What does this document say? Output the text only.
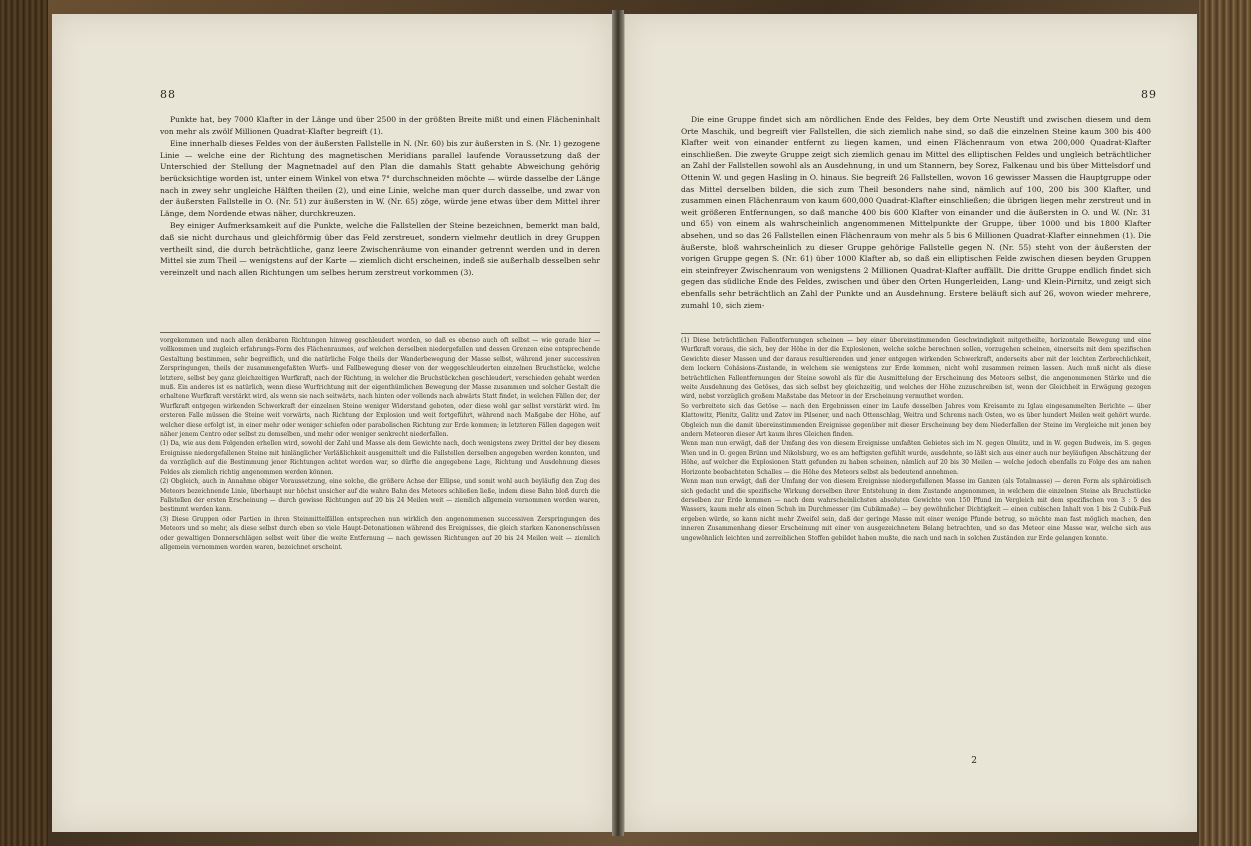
88

Punkte hat, bey 7000 Klafter in der Länge und über 2500 in der größten Breite mißt und einen Flächeninhalt von mehr als zwölf Millionen Quadrat-Klafter begreift (1).

Eine innerhalb dieses Feldes von der äußersten Fallstelle in N. (Nr. 60) bis zur äußersten in S. (Nr. 1) gezogene Linie — welche eine der Richtung des magnetischen Meridians parallel laufende Voraussetzung daß der Unterschied der Stellung der Magnetnadel auf den Plan die damahls Statt gehabte Abweichung gehörig berücksichtige worden ist, unter einem Winkel von etwa 7° durchschneiden möchte — würde dasselbe der Länge nach in zwey sehr ungleiche Hälften theilen (2), und eine Linie, welche man quer durch dasselbe, und zwar von der äußersten Fallstelle in O. (Nr. 51) zur äußersten in W. (Nr. 65) zöge, würde jene etwas über dem Mittel ihrer Länge, dem Nordende etwas näher, durchkreuzen.

Bey einiger Aufmerksamkeit auf die Punkte, welche die Fallstellen der Steine bezeichnen, bemerkt man bald, daß sie nicht durchaus und gleichförmig über das Feld zerstreuet, sondern vielmehr deutlich in drey Gruppen vertheilt sind, die durch beträchtliche, ganz leere Zwischenräume von einander getrennt werden und in deren Mittel sie zum Theil — wenigstens auf der Karte — ziemlich dicht erscheinen, indeß sie außerhalb desselben sehr vereinzelt und nach allen Richtungen um selbes herum zerstreut vorkommen (3).

vorgekommen und nach allen denkbaren Richtungen hinweg geschleudert worden, so daß es ebenso auch oft selbst — wie gerade hier — vollkommen und zugleich erfahrungs-Form des Flächenraumes, auf welchen derselben niedergefallen und dessen Grenzen eine entsprechende Gestaltung bestimmen, sehr begreiflich, und die natürliche Folge theils der Wanderbewegung der Masse selbst, während jener successiven Zerspringungen, theils der zusammengefaßten Wurfs- und Fallbewegung dieser von der weggeschleuderten einzelnen Bruchstücke, welche letztere, selbst bey ganz gleichzeitigen Wurfkraft, nach der Richtung, in welcher die Bruchstückchen geschleudert, verschieden gehabt werden muß. Ein anderes ist es natürlich, wenn diese Wurfrichtung mit der eigenthümlichen Bewegung der Masse zusammen und solcher Gestalt die erhaltene Wurfkraft verstärkt wird, als wenn sie nach seitwärts, nach hinten oder vollends nach abwärts Statt findet, in welchen Fällen der, der Wurfkraft entgegen wirkenden Schwerkraft der einzelnen Steine weniger Widerstand geboten, oder diese wohl gar selbst verstärkt wird. Im ersteren Falle müssen die Steine weit vorwärts, nach Richtung der Explosion und weit fortgeführt, während nach Maßgabe der Höhe, auf welcher diese erfolgt ist, in einer mehr oder weniger schiefen oder parabolischen Richtung zur Erde kommen; in letzteren Fällen dagegen weit näher jenem Centro oder selbst zu demselben, und mehr oder weniger senkrecht niederfallen.

(1) Da, wie aus dem Folgenden erhellen wird, sowohl der Zahl und Masse als dem Gewichte nach, doch wenigstens zwey Drittel der bey diesem Ereignisse niedergefallenen Steine mit hinlänglicher Verläßlichkeit ausgemittelt und die Fallstellen derselben angegeben werden konnten, und da vorzüglich auf die Bestimmung jener Richtungen achtet worden war, so dürfte die angegebene Lage, Richtung und Ausdehnung dieses Feldes als ziemlich richtig angenommen werden können.

(2) Obgleich, auch in Annahme obiger Voraussetzung, eine solche, die größere Achse der Ellipse, und somit wohl auch beyläufig den Zug des Meteors bezeichnende Linie, überhaupt nur höchst unsicher auf die wahre Bahn des Meteors schließen ließe, indem diese Bahn bloß durch die Fallstellen der ersten Erscheinung — durch gewisse Richtungen auf 20 bis 24 Meilen weit — ziemlich allgemein vernommen worden waren, bestimmt werden kann.

(3) Diese Gruppen oder Partien in ihren Steinmittelfällen entsprechen nun wirklich den angenommenen successiven Zerspringungen des Meteors und so mehr, als diese selbst durch eben so viele Haupt-Detonationen während des Ereignisses, die gleich starken Kanonenschüssen oder gewaltigen Donnerschlägen selbst weit über die weite Entfernung — nach gewissen Richtungen auf 20 bis 24 Meilen weit — ziemlich allgemein vernommen worden waren, bezeichnet erscheint.

89

Die eine Gruppe findet sich am nördlichen Ende des Feldes, bey dem Orte Neustift und zwischen diesem und dem Orte Maschik, und begreift vier Fallstellen, die sich ziemlich nahe sind, so daß die einzelnen Steine kaum 300 bis 400 Klafter weit von einander entfernt zu liegen kamen, und einen Flächenraum von etwa 200,000 Quadrat-Klafter einschließen. Die zweyte Gruppe zeigt sich ziemlich genau im Mittel des elliptischen Feldes und ungleich beträchtlicher an Zahl der Fallstellen sowohl als an Ausdehnung, in und um Stannern, bey Sorez, Falkenau und bis über Mittelsdorf und Ottenin W. und gegen Hasling in O. hinaus. Sie begreift 26 Fallstellen, wovon 16 gewisser Massen die Hauptgruppe oder das Mittel derselben bilden, die sich zum Theil besonders nahe sind, nämlich auf 100, 200 bis 300 Klafter, und zusammen einen Flächenraum von kaum 600,000 Quadrat-Klafter einschließen; die übrigen liegen mehr zerstreut und in weit größeren Entfernungen, so daß manche 400 bis 600 Klafter von einander und die äußersten in O. und W. (Nr. 31 und 65) von einem als wahrscheinlich angenommenen Mittelpunkte der Gruppe, über 1000 und bis 1800 Klafter absehen, und so das 26 Fallstellen einen Flächenraum von mehr als 5 bis 6 Millionen Quadrat-Klafter einnehmen (1). Die äußerste, bloß wahrscheinlich zu dieser Gruppe gehörige Fallstelle gegen N. (Nr. 55) steht von der äußersten der vorigen Gruppe gegen S. (Nr. 61) über 1000 Klafter ab, so daß ein elliptischen Felde zwischen diesen beyden Gruppen ein steinfreyer Zwischenraum von wenigstens 2 Millionen Quadrat-Klafter auffällt. Die dritte Gruppe endlich findet sich gegen das südliche Ende des Feldes, zwischen und über den Orten Hungerleiden, Lang- und Klein-Pirnitz, und zeigt sich ebenfalls sehr beträchtlich an Zahl der Punkte und an Ausdehnung. Erstere beläuft sich auf 26, wovon wieder mehrere, zumahl 10, sich ziem-

(1) Diese beträchtlichen Fallentfernungen scheinen — bey einer übereinstimmenden Geschwindigkeit mitgetheilte, horizontale Bewegung und eine Wurfkraft voraus, die sich, bey der Höhe in der die Explosionen, welche solche berechnen sollen, vorzugehen scheinen, einerseits mit dem spezifischen Gewichte dieser Massen und der daraus resultierenden und jener entgegen wirkenden Schwerkraft, anderseits aber mit der leichten Zerbrechlichkeit, dem lockern Cohäsions-Zustande, in welchem sie wenigstens zur Erde kommen, nicht wohl zusammen reimen lassen. Auch muß nicht als diese beträchtlichen Fallentfernungen der Steine sowohl als für die Ausmittelung der Erscheinung des Meteors selbst, die angenommenen Stärke und die weite Ausdehnung des Getöses, das sich selbst bey gleichzeitig, und welches der Höhe zuzuschreiben ist, wenn der Gleichheit in Erwägung gezogen wird, nebst vorzüglich großem Maßstabe das Meteor in der Erscheinung vermuthet worden.

So verbreitete sich das Getöse — nach den Ergebnissen einer im Laufe desselben Jahres vom Kreisamte zu Iglau eingesammelten Berichte — über Klattowitz, Plenitz, Galitz und Zatov im Pilsener, und nach Ottenschlag, Weitra und Schrems nach Osten, wo es über hundert Meilen weit gehört wurde. Obgleich nun die damit übereinstimmenden Ereignisse gegenüber mit dieser Erscheinung bey dem Niederfallen der Steine im Vergleiche mit jenen bey andern Meteoren dieser Art kaum ihres Gleichen finden.

Wenn man nun erwägt, daß der Umfang des von diesem Ereignisse umfaßten Gebietes sich im N. gegen Olmütz, und in W. gegen Budweis, im S. gegen Wien und in O. gegen Brünn und Nikolsburg, wo es am heftigsten gefühlt wurde, ausdehnte, so läßt sich aus einer auch nur beyläufigen Abschätzung der Höhe, auf welcher die Explosionen Statt gefunden zu haben scheinen, nämlich auf 20 bis 30 Meilen — welche jedoch ebenfalls zu Folge des am nahen Horizonte beobachteten Schalles — die Höhe des Meteors selbst als bedeutend annehmen.

Wenn man nun erwägt, daß der Umfang der von diesem Ereignisse niedergefallenen Masse im Ganzen (als Totalmasse) — deren Form als sphäroidisch sich gedacht und die spezifische Wirkung derselben ihrer Entstehung in dem Zustande angenommen, in welchem die einzelnen Steine als Bruchstücke derselben zur Erde kommen — nach dem wahrscheinlichsten absoluten Gewichte von 150 Pfund im Vergleich mit dem spezifischen von 3 : 5 des Wassers, kaum mehr als einen Schuh im Durchmesser (im Cubikmaße) — bey gewöhnlicher Dichtigkeit — einen cubischen Inhalt von 1 bis 2 Cubik-Fuß ergeben würde, so kann nicht mehr Zweifel sein, daß der geringe Masse mit einer wenige Pfunde betrug, so möchte man fast möglich machen, den inneren Zusammenhang dieser Erscheinung mit einer von ausgezeichnetem Belang betrachten, und so das Meteor eine Masse war, welche sich aus ungewöhnlich leichten und zerreiblichen Stoffen gebildet haben mußte, die nach und nach in solchen Zuständen zur Erde gelangen konnte.

2
